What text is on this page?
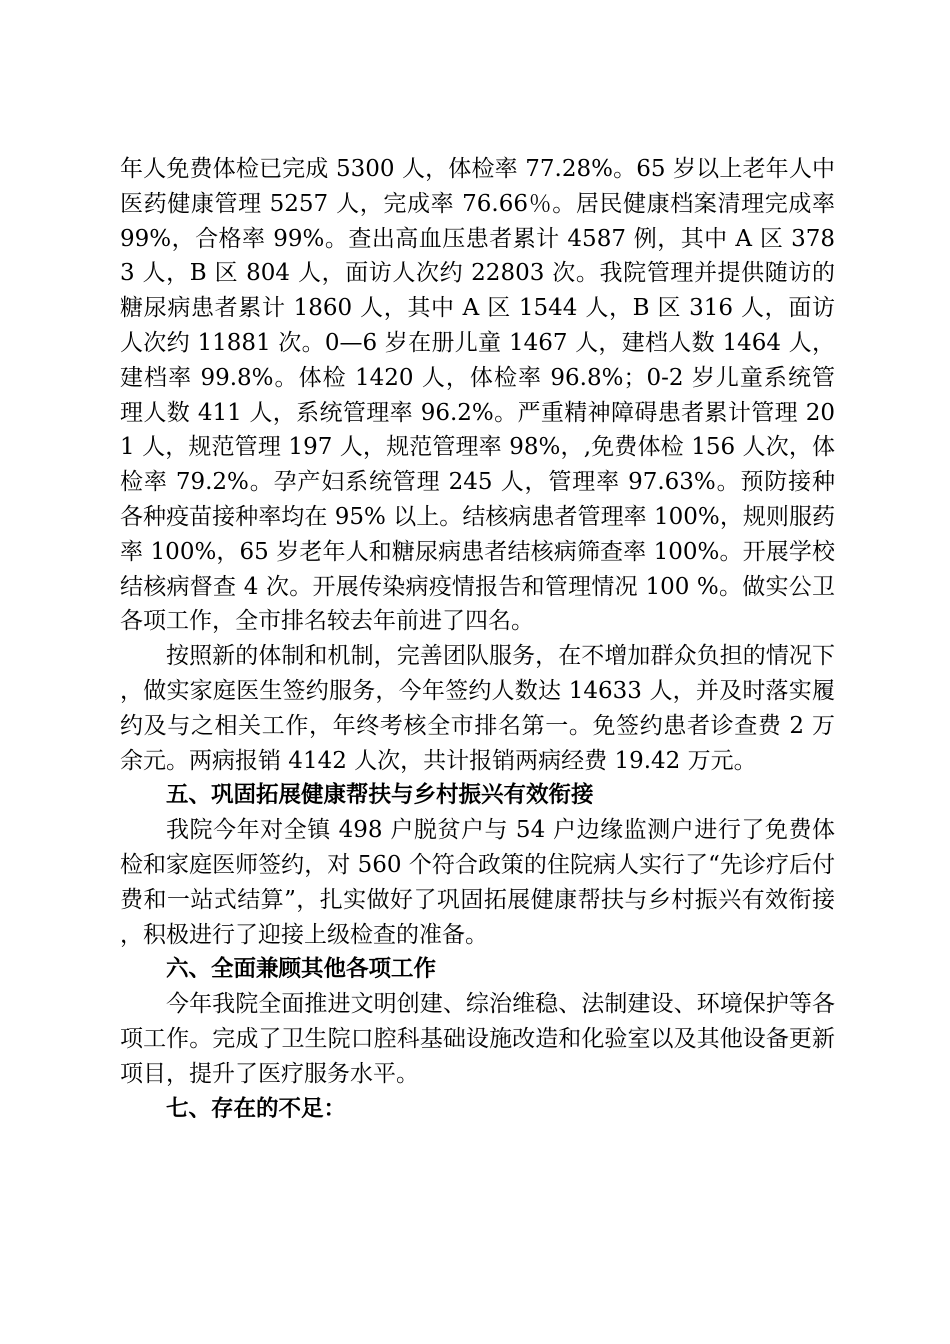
年人免费体检已完成 5300 人，体检率 77.28%。65 岁以上老年人中医药健康管理 5257 人，完成率 76.66％。居民健康档案清理完成率 99%，合格率 99%。查出高血压患者累计 4587 例，其中 A 区 3783 人，B 区 804 人，面访人次约 22803 次。我院管理并提供随访的糖尿病患者累计 1860 人，其中 A 区 1544 人，B 区 316 人，面访人次约 11881 次。0—6 岁在册儿童 1467 人，建档人数 1464 人，建档率 99.8%。体检 1420 人，体检率 96.8%；0-2 岁儿童系统管理人数 411 人，系统管理率 96.2%。严重精神障碍患者累计管理 201 人，规范管理 197 人，规范管理率 98%，,免费体检 156 人次，体检率 79.2%。孕产妇系统管理 245 人，管理率 97.63%。预防接种各种疫苗接种率均在 95% 以上。结核病患者管理率 100%，规则服药率 100%，65 岁老年人和糖尿病患者结核病筛查率 100%。开展学校结核病督查 4 次。开展传染病疫情报告和管理情况 100 %。做实公卫各项工作，全市排名较去年前进了四名。

按照新的体制和机制，完善团队服务，在不增加群众负担的情况下，做实家庭医生签约服务，今年签约人数达 14633 人，并及时落实履约及与之相关工作，年终考核全市排名第一。免签约患者诊查费 2 万余元。两病报销 4142 人次，共计报销两病经费 19.42 万元。

五、巩固拓展健康帮扶与乡村振兴有效衔接

我院今年对全镇 498 户脱贫户与 54 户边缘监测户进行了免费体检和家庭医师签约，对 560 个符合政策的住院病人实行了“先诊疗后付费和一站式结算”，扎实做好了巩固拓展健康帮扶与乡村振兴有效衔接，积极进行了迎接上级检查的准备。

六、全面兼顾其他各项工作

今年我院全面推进文明创建、综治维稳、法制建设、环境保护等各项工作。完成了卫生院口腔科基础设施改造和化验室以及其他设备更新项目，提升了医疗服务水平。

七、存在的不足：
